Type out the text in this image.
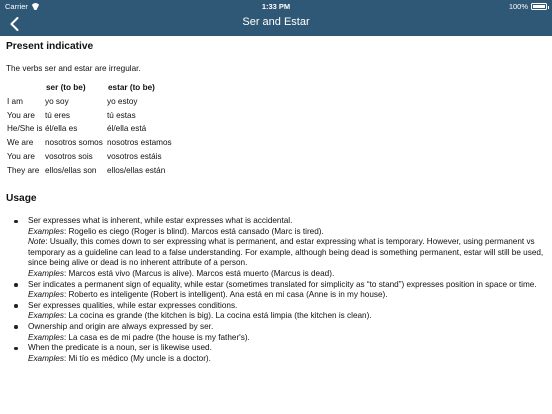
Carrier	1:33 PM	100%
Ser and Estar
Present indicative

The verbs ser and estar are irregular.

	ser (to be)	estar (to be)
I am	yo soy	yo estoy
You are	tú eres	tú estas
He/She is	él/ella es	él/ella está
We are	nosotros somos	nosotros estamos
You are	vosotros sois	vosotros estáis
They are	ellos/ellas son	ellos/ellas están
Usage
Ser expresses what is inherent, while estar expresses what is accidental.
Examples: Rogelio es ciego (Roger is blind). Marcos está cansado (Marc is tired).
Note: Usually, this comes down to ser expressing what is permanent, and estar expressing what is temporary. However, using permanent vs temporary as a guideline can lead to a false understanding. For example, although being dead is something permanent, estar will still be used, since being alive or dead is no inherent attribute of a person.
Examples: Marcos está vivo (Marcus is alive). Marcos está muerto (Marcus is dead).
Ser indicates a permanent sign of equality, while estar (sometimes translated for simplicity as “to stand”) expresses position in space or time.
Examples: Roberto es inteligente (Robert is intelligent). Ana está en mi casa (Anne is in my house).
Ser expresses qualities, while estar expresses conditions.
Examples: La cocina es grande (the kitchen is big). La cocina está limpia (the kitchen is clean).
Ownership and origin are always expressed by ser.
Examples: La casa es de mi padre (the house is my father's).
When the predicate is a noun, ser is likewise used.
Examples: Mi tío es médico (My uncle is a doctor).
